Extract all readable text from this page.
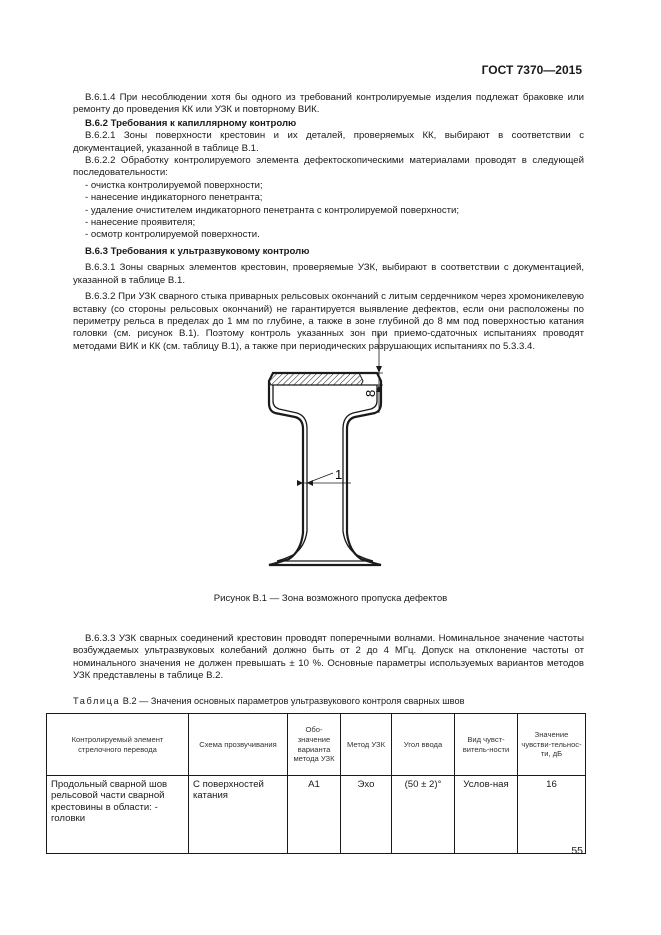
ГОСТ 7370—2015
В.6.1.4 При несоблюдении хотя бы одного из требований контролируемые изделия подлежат браковке или ремонту до проведения КК или УЗК и повторному ВИК.
В.6.2 Требования к капиллярному контролю
В.6.2.1 Зоны поверхности крестовин и их деталей, проверяемых КК, выбирают в соответствии с документацией, указанной в таблице В.1.
В.6.2.2 Обработку контролируемого элемента дефектоскопическими материалами проводят в следующей последовательности:
- очистка контролируемой поверхности;
- нанесение индикаторного пенетранта;
- удаление очистителем индикаторного пенетранта с контролируемой поверхности;
- нанесение проявителя;
- осмотр контролируемой поверхности.
В.6.3 Требования к ультразвуковому контролю
В.6.3.1 Зоны сварных элементов крестовин, проверяемые УЗК, выбирают в соответствии с документацией, указанной в таблице В.1.
В.6.3.2 При УЗК сварного стыка приварных рельсовых окончаний с литым сердечником через хромоникелевую вставку (со стороны рельсовых окончаний) не гарантируется выявление дефектов, если они расположены по периметру рельса в пределах до 1 мм по глубине, а также в зоне глубиной до 8 мм под поверхностью катания головки (см. рисунок В.1). Поэтому контроль указанных зон при приемо-сдаточных испытаниях проводят методами ВИК и КК (см. таблицу В.1), а также при периодических разрушающих испытаниях по 5.3.3.4.
8
1
Рисунок В.1 — Зона возможного пропуска дефектов
В.6.3.3 УЗК сварных соединений крестовин проводят поперечными волнами. Номинальное значение частоты возбуждаемых ультразвуковых колебаний должно быть от 2 до 4 МГц. Допуск на отклонение частоты от номинального значения не должен превышать ± 10 %. Основные параметры используемых вариантов методов УЗК представлены в таблице В.2.
Таблица В.2 — Значения основных параметров ультразвукового контроля сварных швов
Контролируемый элемент стрелочного перевода	Схема прозвучивания	Обо-значение варианта метода УЗК	Метод УЗК	Угол ввода	Вид чувст-витель-ности	Значение чувстви-тельнос-ти, дБ
Продольный сварной шов рельсовой части сварной крестовины в области: - головки	С поверхностей катания	А1	Эхо	(50 ± 2)°	Услов-ная	16
55
